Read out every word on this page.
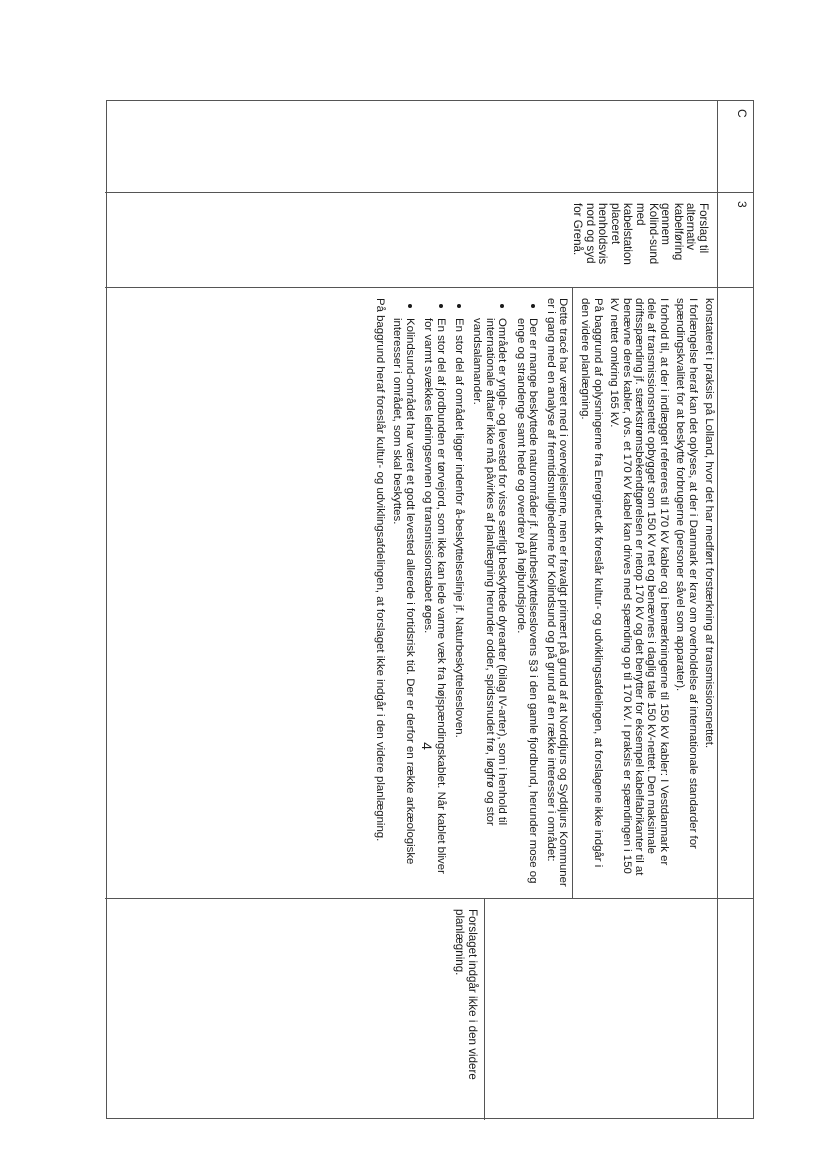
C
3
Forslag til alternativ kabelføring gennem Kolind-sund med kabelstation placeret henholdsvis nord og syd for Grenå.

konstateret i praksis på Lolland, hvor det har medført forstærkning af transmissionsnettet.

I forlængelse heraf kan det oplyses, at der i Danmark er krav om overholdelse af internationale standarder for spændingskvalitet for at beskytte forbrugerne (personer såvel som apparater).

I forhold til, at der i indlægget refereres til 170 kV kabler og i bemærkningerne til 150 kV kabler: I Vestdanmark er dele af transmissionsnettet opbygget som 150 kV net og benævnes i daglig tale 150 kV-nettet. Den maksimale driftsspænding jf. stærkstrømsbekendtgørelsen er netop 170 kV og det benytter for eksempel kabelfabrikanter til at benævne deres kabler, dvs. et 170 kV kabel kan drives med spænding op til 170 kV. I praksis er spændingen i 150 kV nettet omkring 165 kV.

På baggrund af oplysningerne fra Energinet.dk foreslår kultur- og udviklingsafdelingen, at forslagene ikke indgår i den videre planlægning.

Dette tracé har været med i overvejelserne, men er fravalgt primært på grund af at Norddjurs og Syddjurs Kommuner er i gang med en analyse af fremtidsmulighederne for Kolindsund og på grund af en række interesser i området:

• Der er mange beskyttede naturområder jf. Naturbeskyttelseslovens §3 i den gamle fjordbund, herunder mose og enge og strandenge samt hede og overdrev på højbundsjorde.
• Området er yngle- og levested for visse særligt beskyttede dyrearter (bilag IV-arter), som i henhold til internationale aftaler ikke må påvirkes af planlægning herunder odder, spidssnudet frø, løgfrø og stor vandsalamander.
• En stor del af området ligger indenfor å-beskyttelseslinje jf. Naturbeskyttelsesloven.
• En stor del af jordbunden er tørvejord, som ikke kan lede varme væk fra højspændingskablet. Når kablet bliver for varmt svækkes ledningsevnen og transmissionstabet øges.
• Kolindsund-området har været et godt levested allerede i fortidsrisk tid. Der er derfor en række arkæologiske interesser i området, som skal beskyttes.

På baggrund heraf foreslår kultur- og udviklingsafdelingen, at forslaget ikke indgår i den videre planlægning.

Forslaget indgår ikke i den videre planlægning.
4
